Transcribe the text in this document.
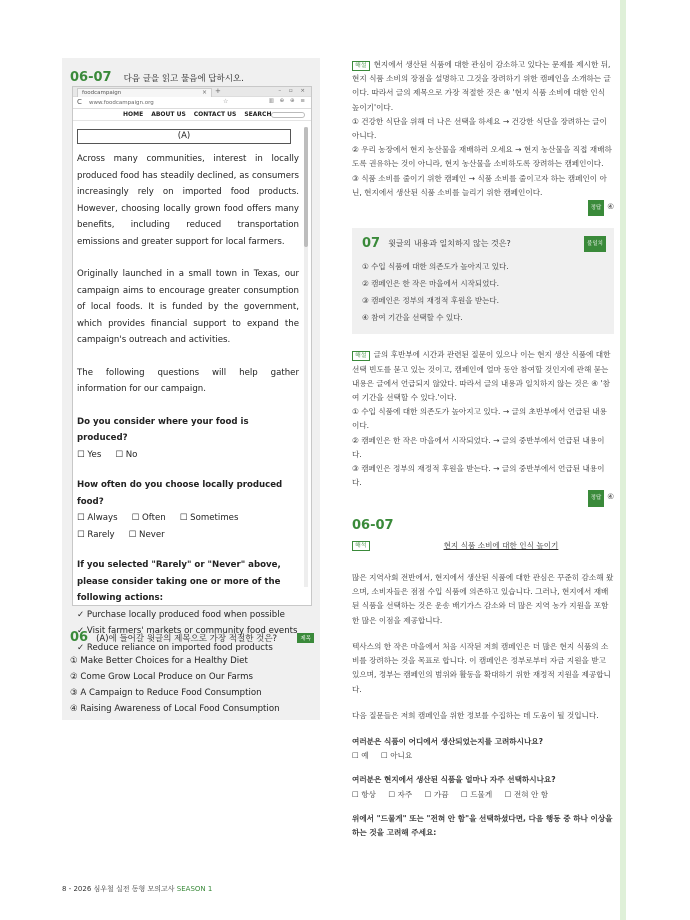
06-07 다음 글을 읽고 물음에 답하시오.
foodcampaign	× +	– ▫ ×
C www.foodcampaign.org	☆	▥ ⊕ ⊕ ≡
HOME ABOUT US CONTACT US SEARCH
(A)

Across many communities, interest in locally produced food has steadily declined, as consumers increasingly rely on imported food products. However, choosing locally grown food offers many benefits, including reduced transportation emissions and greater support for local farmers.

Originally launched in a small town in Texas, our campaign aims to encourage greater consumption of local foods. It is funded by the government, which provides financial support to expand the campaign's outreach and activities.

The following questions will help gather information for our campaign.

Do you consider where your food is produced?

☐ Yes ☐ No

How often do you choose locally produced food?

☐ Always ☐ Often ☐ Sometimes
☐ Rarely ☐ Never

If you selected "Rarely" or "Never" above, please consider taking one or more of the following actions:

✓ Purchase locally produced food when possible
✓ Visit farmers' markets or community food events
✓ Reduce reliance on imported food products
06 (A)에 들어갈 윗글의 제목으로 가장 적절한 것은?	제목
① Make Better Choices for a Healthy Diet
② Come Grow Local Produce on Our Farms
③ A Campaign to Reduce Food Consumption
④ Raising Awareness of Local Food Consumption

해설 현지에서 생산된 식품에 대한 관심이 감소하고 있다는 문제를 제시한 뒤, 현지 식품 소비의 장점을 설명하고 그것을 장려하기 위한 캠페인을 소개하는 글이다. 따라서 글의 제목으로 가장 적절한 것은 ④ '현지 식품 소비에 대한 인식 높이기'이다.

① 건강한 식단을 위해 더 나은 선택을 하세요 → 건강한 식단을 장려하는 글이 아니다.

② 우리 농장에서 현지 농산물을 재배하러 오세요 → 현지 농산물을 직접 재배하도록 권유하는 것이 아니라, 현지 농산물을 소비하도록 장려하는 캠페인이다.

③ 식품 소비를 줄이기 위한 캠페인 → 식품 소비를 줄이고자 하는 캠페인이 아닌, 현지에서 생산된 식품 소비를 늘리기 위한 캠페인이다.

정답 ④

07 윗글의 내용과 일치하지 않는 것은?	불일치
① 수입 식품에 대한 의존도가 높아지고 있다.
② 캠페인은 한 작은 마을에서 시작되었다.
③ 캠페인은 정부의 재정적 후원을 받는다.
④ 참여 기간을 선택할 수 있다.

해설 글의 후반부에 시간과 관련된 질문이 있으나 이는 현지 생산 식품에 대한 선택 빈도를 묻고 있는 것이고, 캠페인에 얼마 동안 참여할 것인지에 관해 묻는 내용은 글에서 언급되지 않았다. 따라서 글의 내용과 일치하지 않는 것은 ④ '참여 기간을 선택할 수 있다.'이다.

① 수입 식품에 대한 의존도가 높아지고 있다. → 글의 초반부에서 언급된 내용이다.

② 캠페인은 한 작은 마을에서 시작되었다. → 글의 중반부에서 언급된 내용이다.

③ 캠페인은 정부의 재정적 후원을 받는다. → 글의 중반부에서 언급된 내용이다.

정답 ④

06-07
해석	현지 식품 소비에 대한 인식 높이기

많은 지역사회 전반에서, 현지에서 생산된 식품에 대한 관심은 꾸준히 감소해 왔으며, 소비자들은 점점 수입 식품에 의존하고 있습니다. 그러나, 현지에서 재배된 식품을 선택하는 것은 운송 배기가스 감소와 더 많은 지역 농가 지원을 포함한 많은 이점을 제공합니다.

텍사스의 한 작은 마을에서 처음 시작된 저희 캠페인은 더 많은 현지 식품의 소비를 장려하는 것을 목표로 합니다. 이 캠페인은 정부로부터 자금 지원을 받고 있으며, 정부는 캠페인의 범위와 활동을 확대하기 위한 재정적 지원을 제공합니다.

다음 질문들은 저희 캠페인을 위한 정보를 수집하는 데 도움이 될 것입니다.

여러분은 식품이 어디에서 생산되었는지를 고려하시나요?

☐ 예 ☐ 아니요

여러분은 현지에서 생산된 식품을 얼마나 자주 선택하시나요?

☐ 항상 ☐ 자주 ☐ 가끔 ☐ 드물게 ☐ 전혀 안 함

위에서 "드물게" 또는 "전혀 안 함"을 선택하셨다면, 다음 행동 중 하나 이상을 하는 것을 고려해 주세요:

8 - 2026 심우철 실전 동형 모의고사 SEASON 1
